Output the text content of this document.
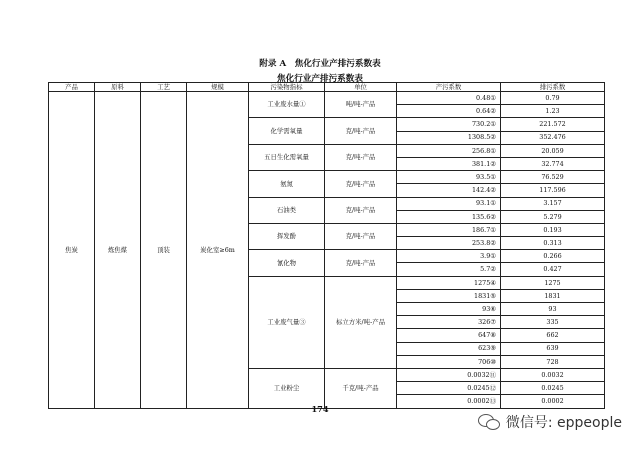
附录 A　焦化行业产排污系数表
焦化行业产排污系数表
产品	原料	工艺	规模	污染物指标	单位	产污系数	排污系数
焦炭	炼焦煤	顶装	炭化室≥6m	工业废水量①	吨/吨-产品	0.48①	0.79
						0.64②	1.23
				化学需氧量	克/吨-产品	730.2①	221.572
						1308.5②	352.476
				五日生化需氧量	克/吨-产品	256.8①	20.059
						381.1②	32.774
				氨氮	克/吨-产品	93.5①	76.529
						142.4②	117.596
				石油类	克/吨-产品	93.1①	3.157
						135.6②	5.279
				挥发酚	克/吨-产品	186.7①	0.193
						253.8②	0.313
				氰化物	克/吨-产品	3.9①	0.266
						5.7②	0.427
				工业废气量③	标立方米/吨-产品	1275④	1275
						1831⑤	1831
						93⑥	93
						326⑦	335
						647⑧	662
						623⑨	639
						706⑩	728
				工业粉尘	千克/吨-产品	0.0032⑪	0.0032
						0.0245⑫	0.0245
						0.0002⑬	0.0002
174
微信号: eppeople
